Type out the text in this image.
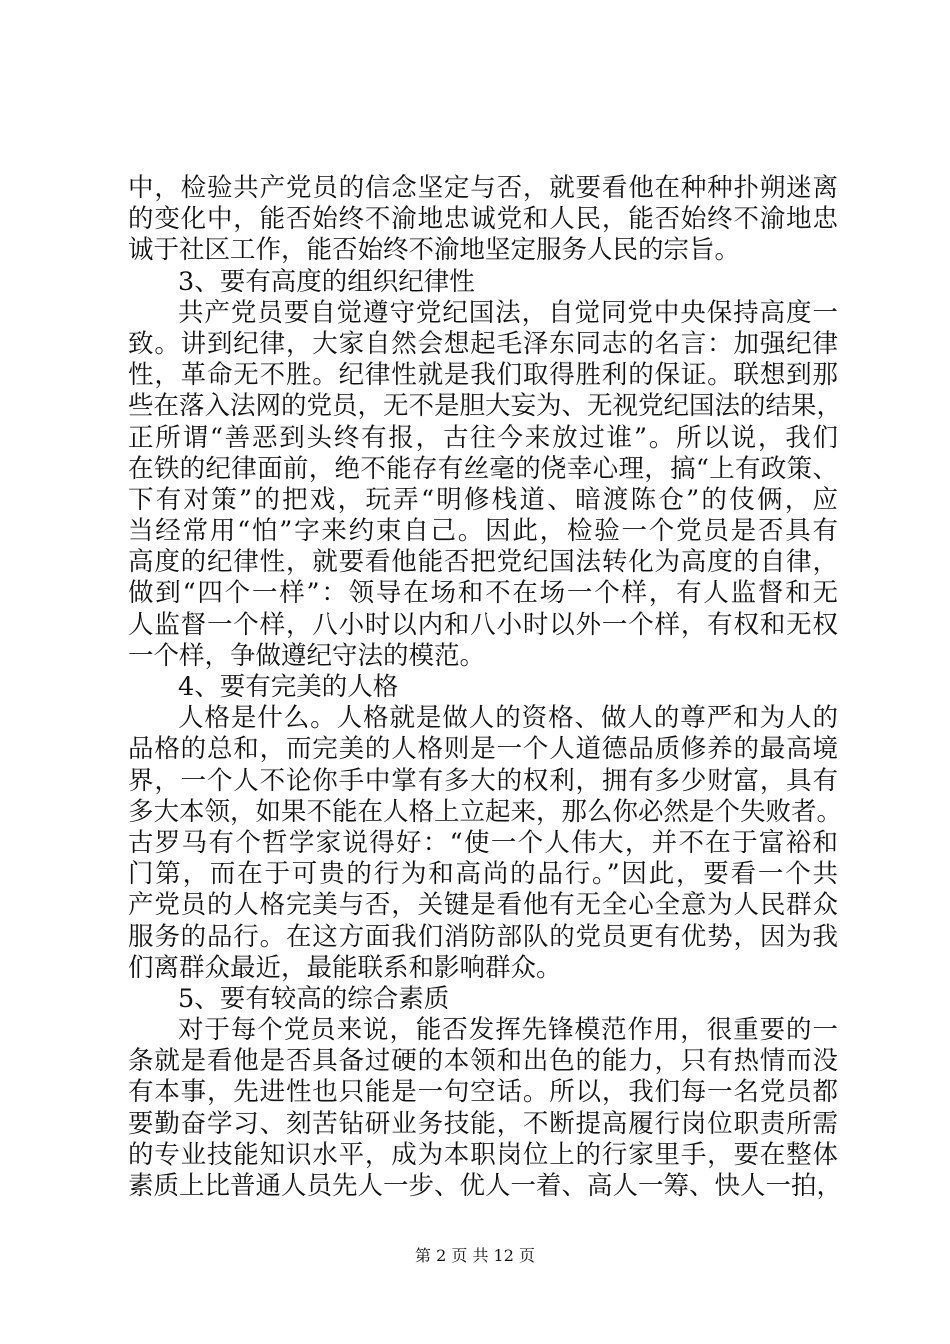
中，检验共产党员的信念坚定与否，就要看他在种种扑朔迷离
的变化中，能否始终不渝地忠诚党和人民，能否始终不渝地忠
诚于社区工作，能否始终不渝地坚定服务人民的宗旨。
3、要有高度的组织纪律性
共产党员要自觉遵守党纪国法，自觉同党中央保持高度一
致。讲到纪律，大家自然会想起毛泽东同志的名言：加强纪律
性，革命无不胜。纪律性就是我们取得胜利的保证。联想到那
些在落入法网的党员，无不是胆大妄为、无视党纪国法的结果，
正所谓“善恶到头终有报，古往今来放过谁”。所以说，我们
在铁的纪律面前，绝不能存有丝毫的侥幸心理，搞“上有政策、
下有对策”的把戏，玩弄“明修栈道、暗渡陈仓”的伎俩，应
当经常用“怕”字来约束自己。因此，检验一个党员是否具有
高度的纪律性，就要看他能否把党纪国法转化为高度的自律，
做到“四个一样”：领导在场和不在场一个样，有人监督和无
人监督一个样，八小时以内和八小时以外一个样，有权和无权
一个样，争做遵纪守法的模范。
4、要有完美的人格
人格是什么。人格就是做人的资格、做人的尊严和为人的
品格的总和，而完美的人格则是一个人道德品质修养的最高境
界，一个人不论你手中掌有多大的权利，拥有多少财富，具有
多大本领，如果不能在人格上立起来，那么你必然是个失败者。
古罗马有个哲学家说得好：“使一个人伟大，并不在于富裕和
门第，而在于可贵的行为和高尚的品行。”因此，要看一个共
产党员的人格完美与否，关键是看他有无全心全意为人民群众
服务的品行。在这方面我们消防部队的党员更有优势，因为我
们离群众最近，最能联系和影响群众。
5、要有较高的综合素质
对于每个党员来说，能否发挥先锋模范作用，很重要的一
条就是看他是否具备过硬的本领和出色的能力，只有热情而没
有本事，先进性也只能是一句空话。所以，我们每一名党员都
要勤奋学习、刻苦钻研业务技能，不断提高履行岗位职责所需
的专业技能知识水平，成为本职岗位上的行家里手，要在整体
素质上比普通人员先人一步、优人一着、高人一筹、快人一拍，
第 2 页 共 12 页
